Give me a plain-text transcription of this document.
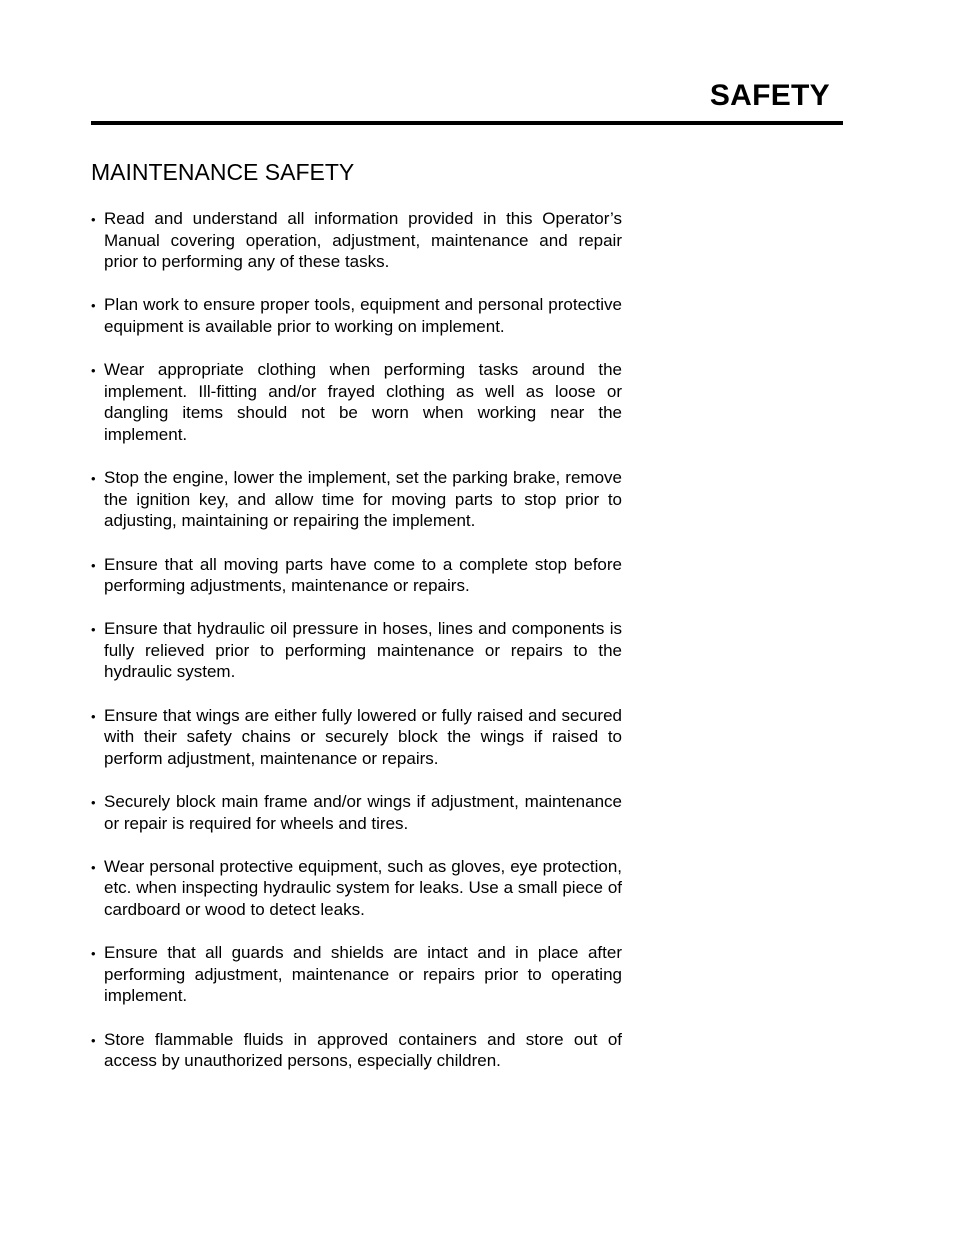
SAFETY
MAINTENANCE SAFETY
• Read and understand all information provided in this Operator’s Manual covering operation, adjustment, maintenance and repair prior to performing any of these tasks.
• Plan work to ensure proper tools, equipment and personal protective equipment is available prior to working on implement.
• Wear appropriate clothing when performing tasks around the implement. Ill-fitting and/or frayed clothing as well as loose or dangling items should not be worn when working near the implement.
• Stop the engine, lower the implement, set the parking brake, remove the ignition key, and allow time for moving parts to stop prior to adjusting, maintaining or repairing the implement.
• Ensure that all moving parts have come to a complete stop before performing adjustments, maintenance or repairs.
• Ensure that hydraulic oil pressure in hoses, lines and components is fully relieved prior to performing maintenance or repairs to the hydraulic system.
• Ensure that wings are either fully lowered or fully raised and secured with their safety chains or securely block the wings if raised to perform adjustment, maintenance or repairs.
• Securely block main frame and/or wings if adjustment, maintenance or repair is required for wheels and tires.
• Wear personal protective equipment, such as gloves, eye protection, etc. when inspecting hydraulic system for leaks. Use a small piece of cardboard or wood to detect leaks.
• Ensure that all guards and shields are intact and in place after performing adjustment, maintenance or repairs prior to operating implement.
• Store flammable fluids in approved containers and store out of access by unauthorized persons, especially children.
